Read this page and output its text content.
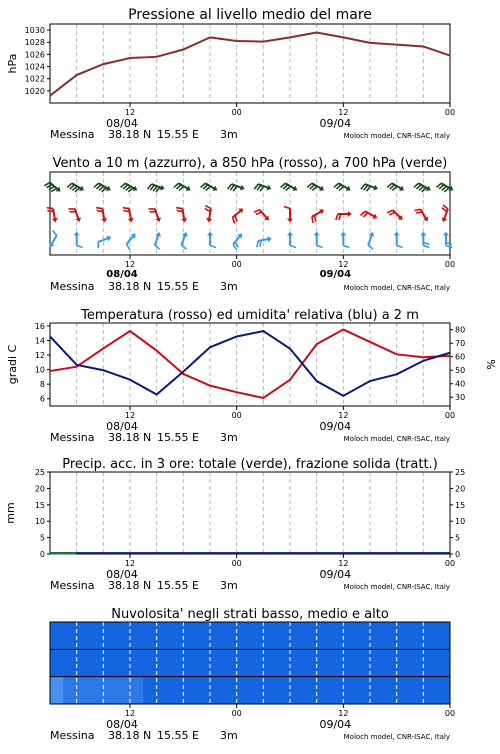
Pressione al livello medio del mare
1020
1022
1024
1026
1028
1030
hPa
12
08/04
00	12
09/04
00
Messina 38.18 N 15.55 E 3m	Moloch model, CNR-ISAC, Italy
Vento a 10 m (azzurro), a 850 hPa (rosso), a 700 hPa (verde)
12
08/04
00	12
09/04
00
Messina 38.18 N 15.55 E 3m	Moloch model, CNR-ISAC, Italy
Temperatura (rosso) ed umidita' relativa (blu) a 2 m
6
8
10
12
14
16
30
40
50
60
70
80
gradi C	%
12
08/04
00	12
09/04
00
Messina 38.18 N 15.55 E 3m	Moloch model, CNR-ISAC, Italy
Precip. acc. in 3 ore: totale (verde), frazione solida (tratt.)
0
5
10
15
20
25
0
5
10
15
20
25
mm
12
08/04
00	12
09/04
00
Messina 38.18 N 15.55 E 3m	Moloch model, CNR-ISAC, Italy
Nuvolosita' negli strati basso, medio e alto
12
08/04
00	12
09/04
00
Messina 38.18 N 15.55 E 3m	Moloch model, CNR-ISAC, Italy
